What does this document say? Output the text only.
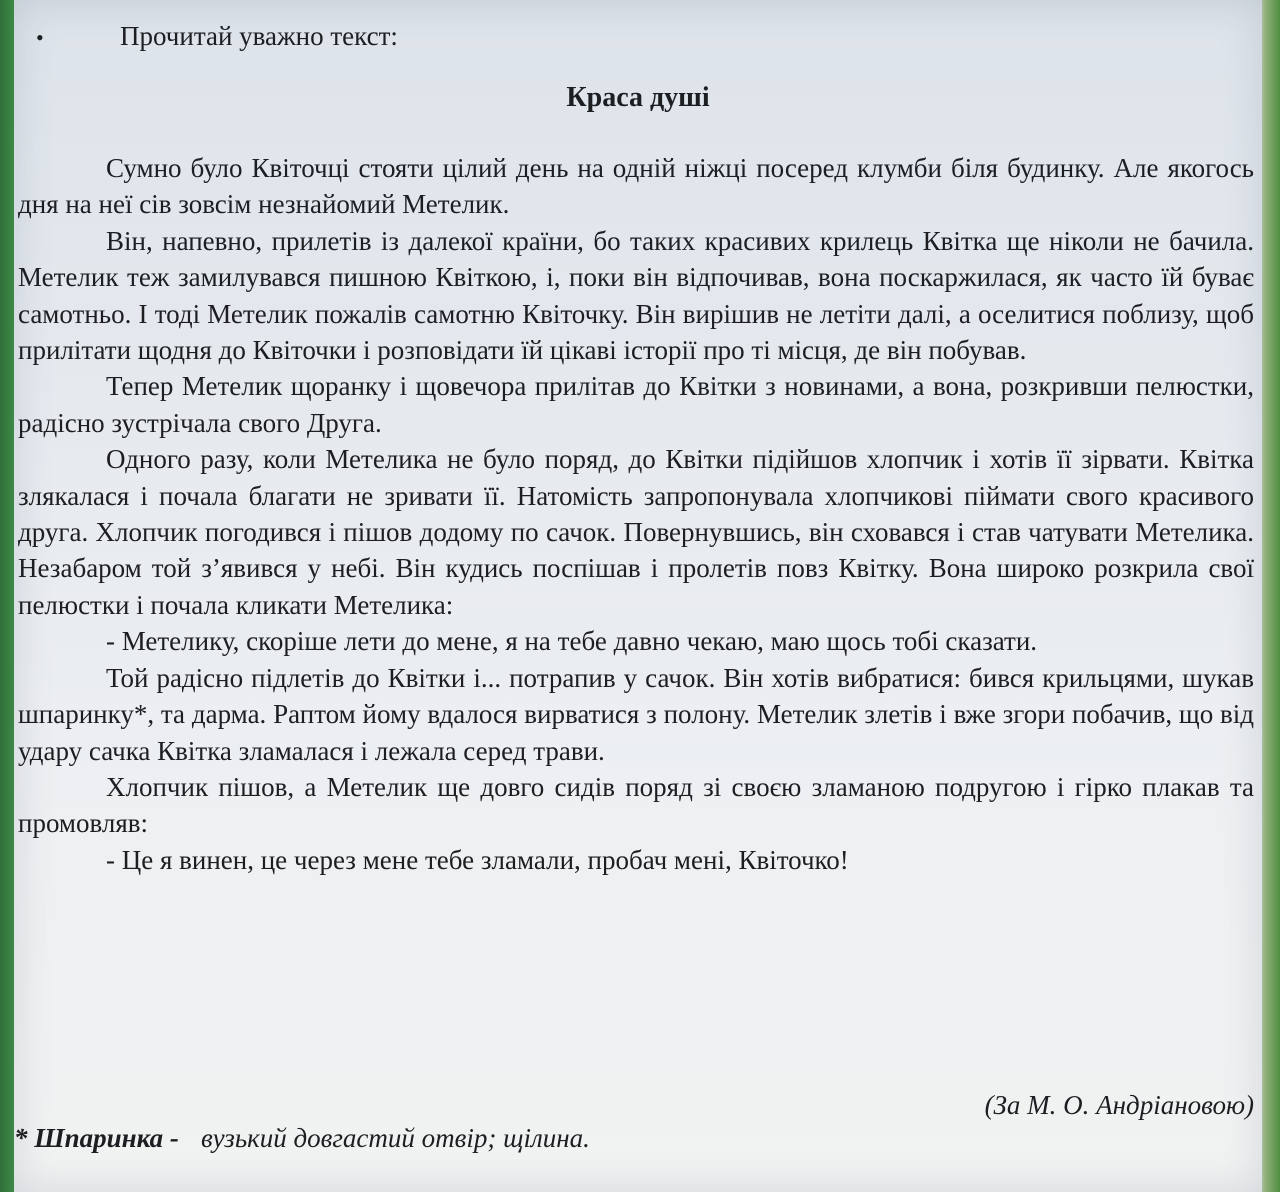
•	Прочитай уважно текст:
Краса душі

Сумно було Квіточці стояти цілий день на одній ніжці посеред клумби біля будинку. Але якогось дня на неї сів зовсім незнайомий Метелик.

Він, напевно, прилетів із далекої країни, бо таких красивих крилець Квітка ще ніколи не бачила. Метелик теж замилувався пишною Квіткою, і, поки він відпочивав, вона поскаржилася, як часто їй буває самотньо. І тоді Метелик пожалів самотню Квіточку. Він вирішив не летіти далі, а оселитися поблизу, щоб прилітати щодня до Квіточки і розповідати їй цікаві історії про ті місця, де він побував.

Тепер Метелик щоранку і щовечора прилітав до Квітки з новинами, а вона, розкривши пелюстки, радісно зустрічала свого Друга.

Одного разу, коли Метелика не було поряд, до Квітки підійшов хлопчик і хотів її зірвати. Квітка злякалася і почала благати не зривати її. Натомість запропонувала хлопчикові піймати свого красивого друга. Хлопчик погодився і пішов додому по сачок. Повернувшись, він сховався і став чатувати Метелика. Незабаром той з’явився у небі. Він кудись поспішав і пролетів повз Квітку. Вона широко розкрила свої пелюстки і почала кликати Метелика:

- Метелику, скоріше лети до мене, я на тебе давно чекаю, маю щось тобі сказати.

Той радісно підлетів до Квітки і... потрапив у сачок. Він хотів вибратися: бився крильцями, шукав шпаринку*, та дарма. Раптом йому вдалося вирватися з полону. Метелик злетів і вже згори побачив, що від удару сачка Квітка зламалася і лежала серед трави.

Хлопчик пішов, а Метелик ще довго сидів поряд зі своєю зламаною подругою і гірко плакав та промовляв:

- Це я винен, це через мене тебе зламали, пробач мені, Квіточко!

(За М. О. Андріановою)
* Шпаринка - вузький довгастий отвір; щілина.
